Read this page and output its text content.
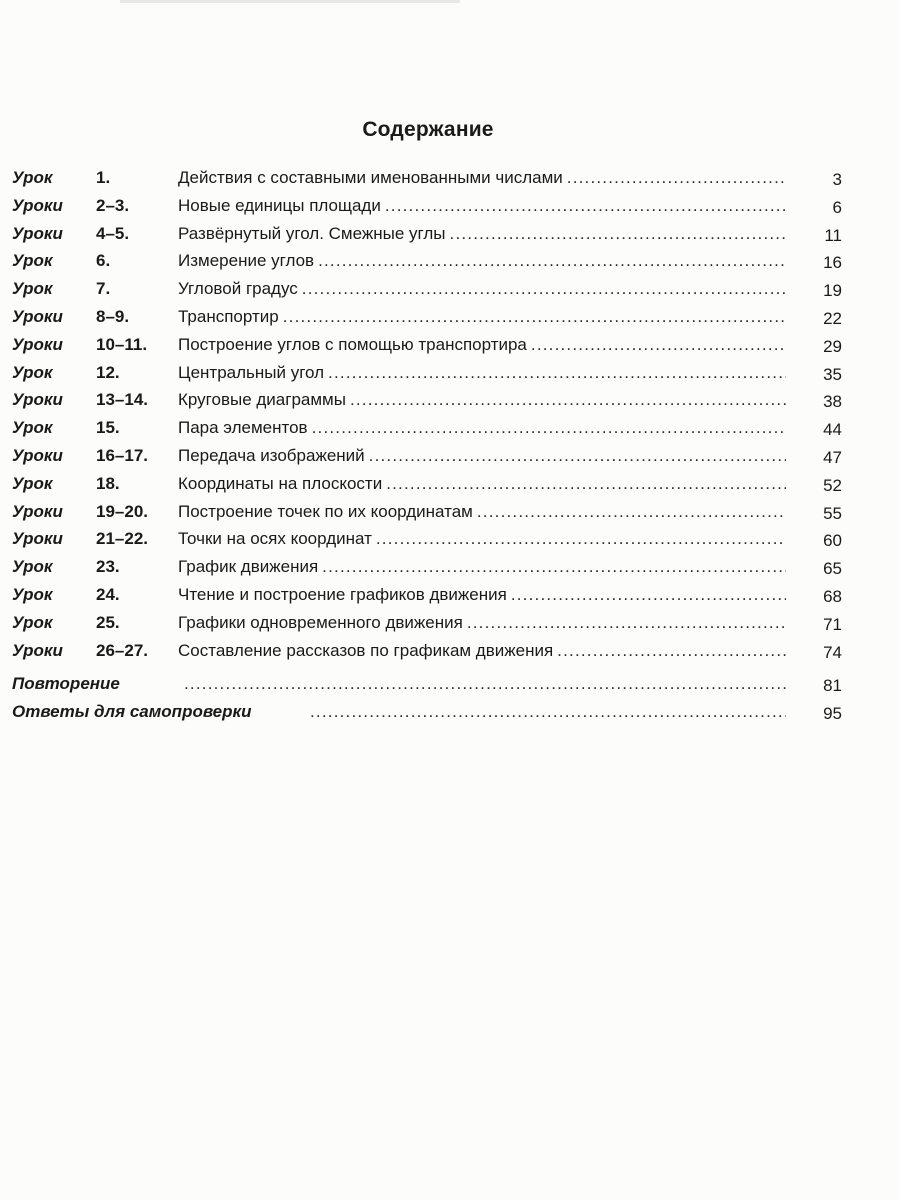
Содержание
Урок	1.	Действия с составными именованными числами .....	3
Уроки 2–3.	Новые единицы площади .....	6
Уроки 4–5.	Развёрнутый угол. Смежные углы .....	11
Урок	6.	Измерение углов .....	16
Урок	7.	Угловой градус .....	19
Уроки 8–9.	Транспортир .....	22
Уроки 10–11. Построение углов с помощью транспортира .....	29
Урок	12.	Центральный угол .....	35
Уроки 13–14. Круговые диаграммы .....	38
Урок	15.	Пара элементов .....	44
Уроки 16–17. Передача изображений .....	47
Урок	18.	Координаты на плоскости .....	52
Уроки 19–20. Построение точек по их координатам .....	55
Уроки 21–22. Точки на осях координат .....	60
Урок	23.	График движения .....	65
Урок	24.	Чтение и построение графиков движения .....	68
Урок	25.	Графики одновременного движения .....	71
Уроки 26–27. Составление рассказов по графикам движения .....	74
Повторение .....	81
Ответы для самопроверки .....	95
